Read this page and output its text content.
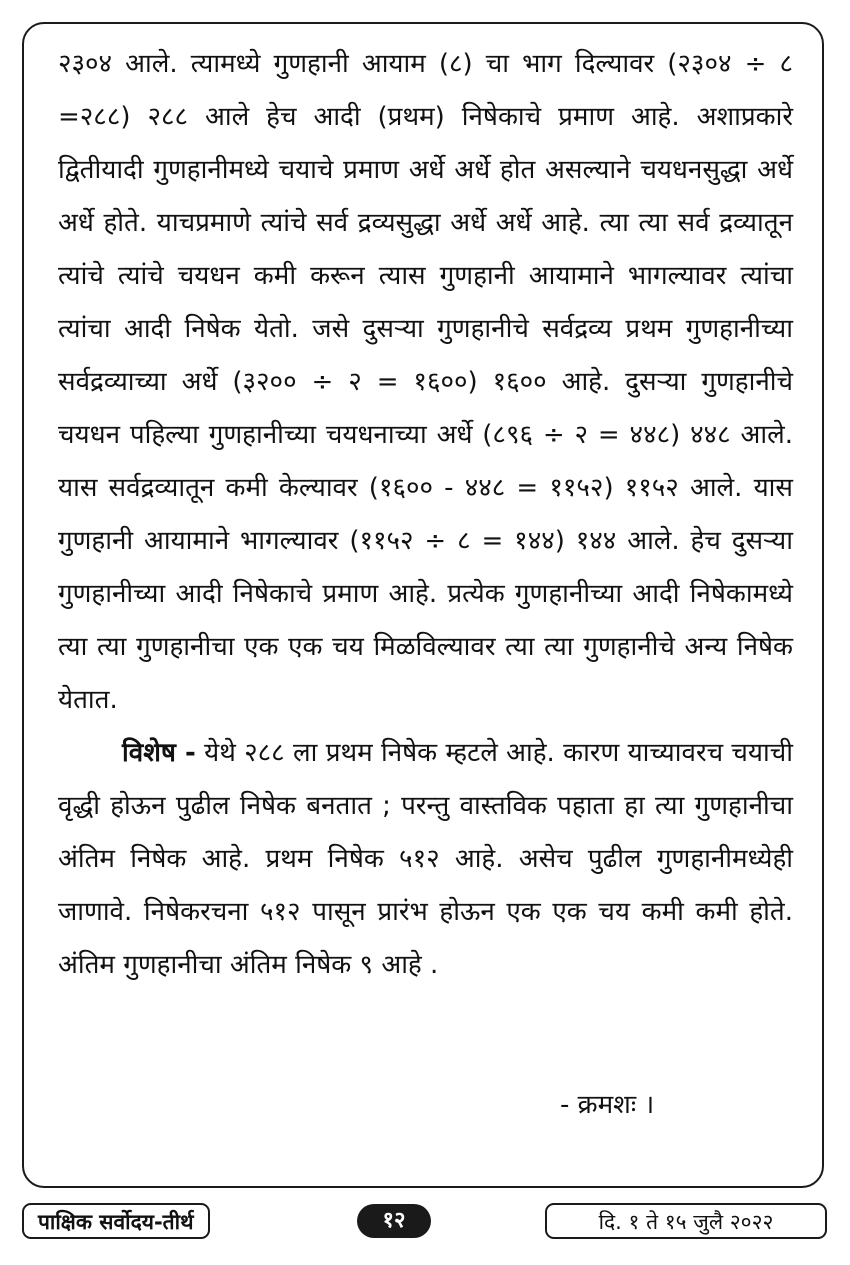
२३०४ आले. त्यामध्ये गुणहानी आयाम (८) चा भाग दिल्यावर (२३०४ ÷ ८ =२८८) २८८ आले हेच आदी (प्रथम) निषेकाचे प्रमाण आहे. अशाप्रकारे द्वितीयादी गुणहानीमध्ये चयाचे प्रमाण अर्धे अर्धे होत असल्याने चयधनसुद्धा अर्धे अर्धे होते. याचप्रमाणे त्यांचे सर्व द्रव्यसुद्धा अर्धे अर्धे आहे. त्या त्या सर्व द्रव्यातून त्यांचे त्यांचे चयधन कमी करून त्यास गुणहानी आयामाने भागल्यावर त्यांचा त्यांचा आदी निषेक येतो. जसे दुसऱ्या गुणहानीचे सर्वद्रव्य प्रथम गुणहानीच्या सर्वद्रव्याच्या अर्धे (३२०० ÷ २ = १६००) १६०० आहे. दुसऱ्या गुणहानीचे चयधन पहिल्या गुणहानीच्या चयधनाच्या अर्धे (८९६ ÷ २ = ४४८) ४४८ आले. यास सर्वद्रव्यातून कमी केल्यावर (१६०० - ४४८ = ११५२) ११५२ आले. यास गुणहानी आयामाने भागल्यावर (११५२ ÷ ८ = १४४) १४४ आले. हेच दुसऱ्या गुणहानीच्या आदी निषेकाचे प्रमाण आहे. प्रत्येक गुणहानीच्या आदी निषेकामध्ये त्या त्या गुणहानीचा एक एक चय मिळविल्यावर त्या त्या गुणहानीचे अन्य निषेक येतात.

विशेष - येथे २८८ ला प्रथम निषेक म्हटले आहे. कारण याच्यावरच चयाची वृद्धी होऊन पुढील निषेक बनतात ; परन्तु वास्तविक पहाता हा त्या गुणहानीचा अंतिम निषेक आहे. प्रथम निषेक ५१२ आहे. असेच पुढील गुणहानीमध्येही जाणावे. निषेकरचना ५१२ पासून प्रारंभ होऊन एक एक चय कमी कमी होते. अंतिम गुणहानीचा अंतिम निषेक ९ आहे .

- क्रमशः ।
पाक्षिक सर्वोदय-तीर्थ	१२	दि. १ ते १५ जुलै २०२२
